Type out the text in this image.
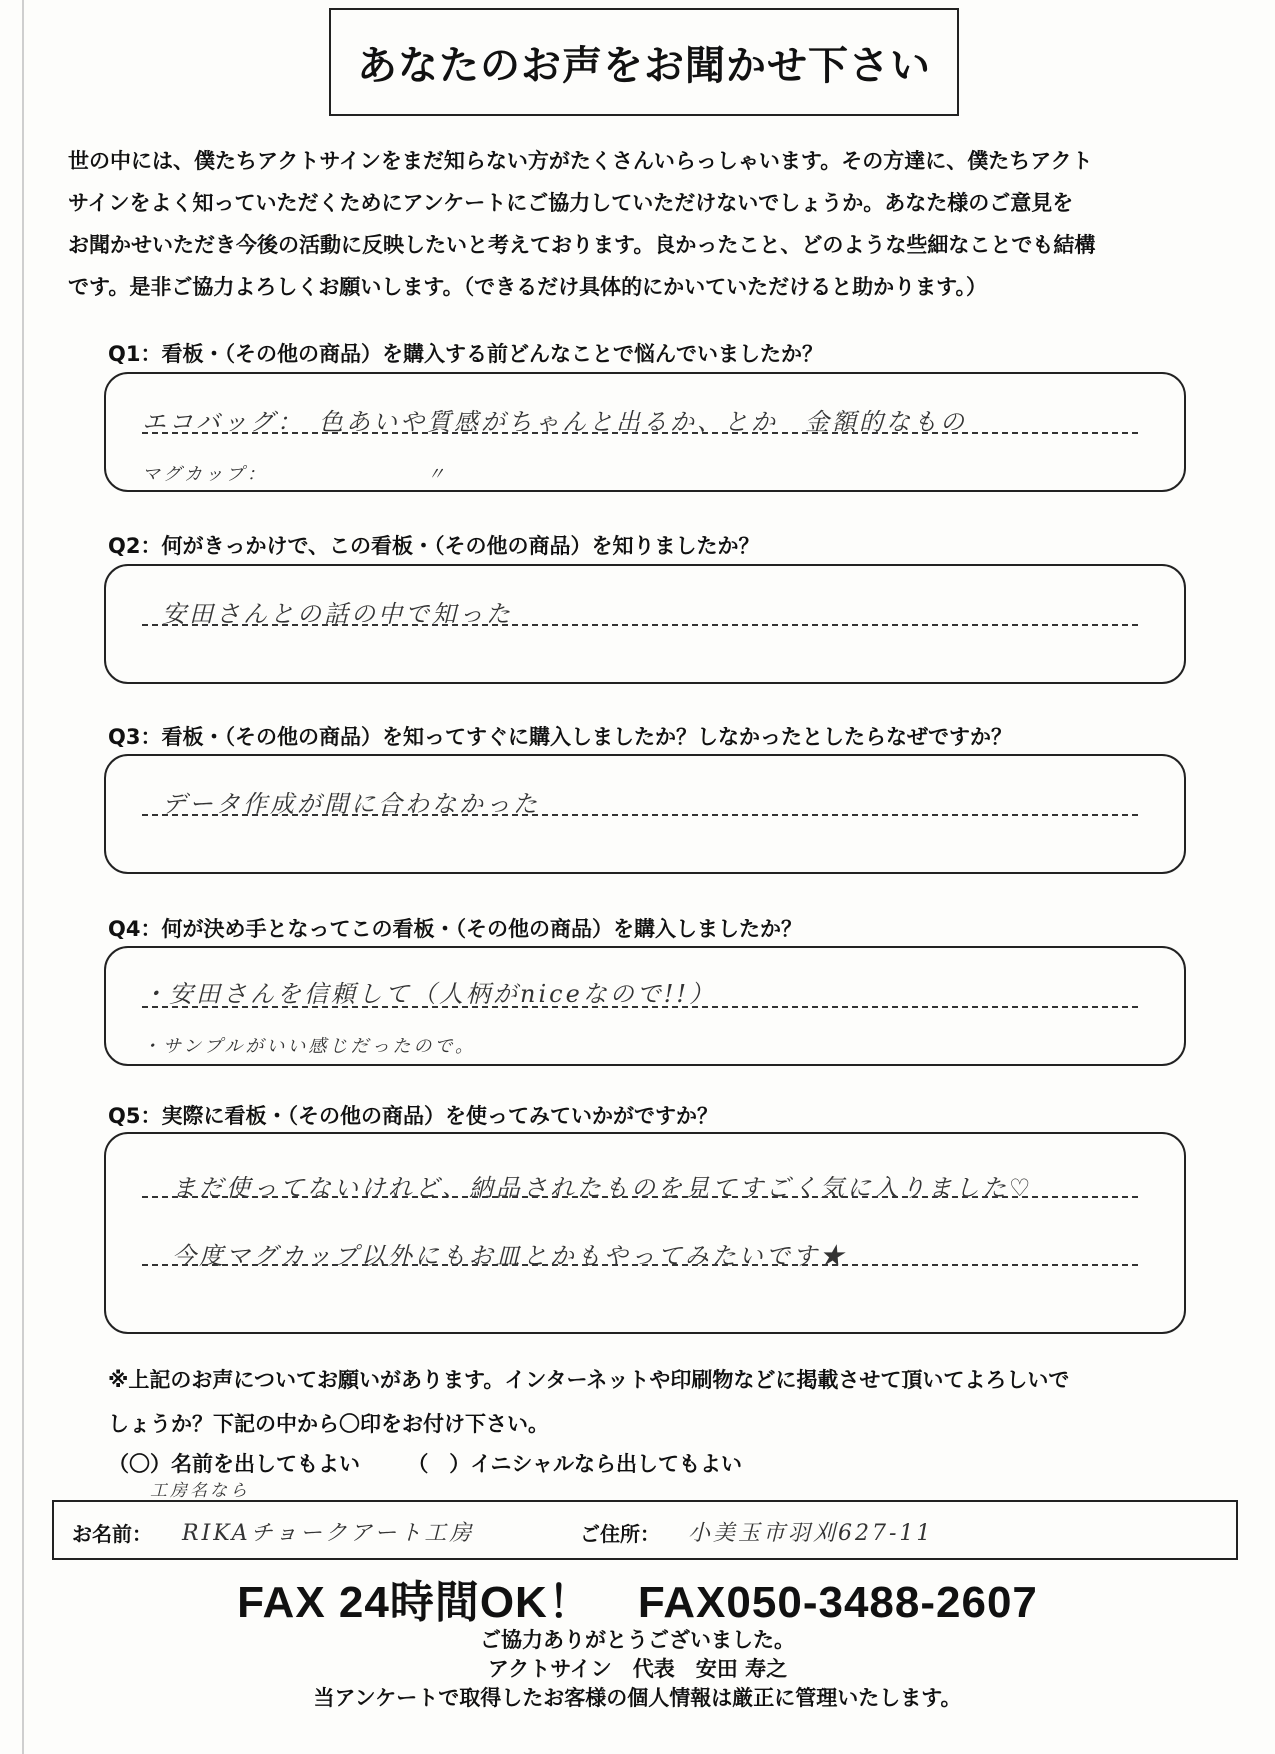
あなたのお声をお聞かせ下さい
世の中には、僕たちアクトサインをまだ知らない方がたくさんいらっしゃいます。その方達に、僕たちアクト
サインをよく知っていただくためにアンケートにご協力していただけないでしょうか。あなた様のご意見を
お聞かせいただき今後の活動に反映したいと考えております。良かったこと、どのような些細なことでも結構
です。是非ご協力よろしくお願いします。（できるだけ具体的にかいていただけると助かります。）
Q1：看板・（その他の商品）を購入する前どんなことで悩んでいましたか？
エコバッグ：　色あいや質感がちゃんと出るか、とか　金額的なもの
マグカップ：　　　　　　　　〃
Q2：何がきっかけで、この看板・（その他の商品）を知りましたか？
安田さんとの話の中で知った
Q3：看板・（その他の商品）を知ってすぐに購入しましたか？しなかったとしたらなぜですか？
データ作成が間に合わなかった
Q4：何が決め手となってこの看板・（その他の商品）を購入しましたか？
・安田さんを信頼して（人柄がniceなので!!）
・サンプルがいい感じだったので。
Q5：実際に看板・（その他の商品）を使ってみていかがですか？
まだ使ってないけれど、納品されたものを見てすごく気に入りました♡
今度マグカップ以外にもお皿とかもやってみたいです★
※上記のお声についてお願いがあります。インターネットや印刷物などに掲載させて頂いてよろしいで
しょうか？下記の中から〇印をお付け下さい。
（〇）名前を出してもよい （　）イニシャルなら出してもよい
工房名なら
お名前： RIKAチョークアート工房	ご住所： 小美玉市羽刈627-11
FAX 24時間OK！　FAX050-3488-2607
ご協力ありがとうございました。
アクトサイン　代表　安田 寿之
当アンケートで取得したお客様の個人情報は厳正に管理いたします。
